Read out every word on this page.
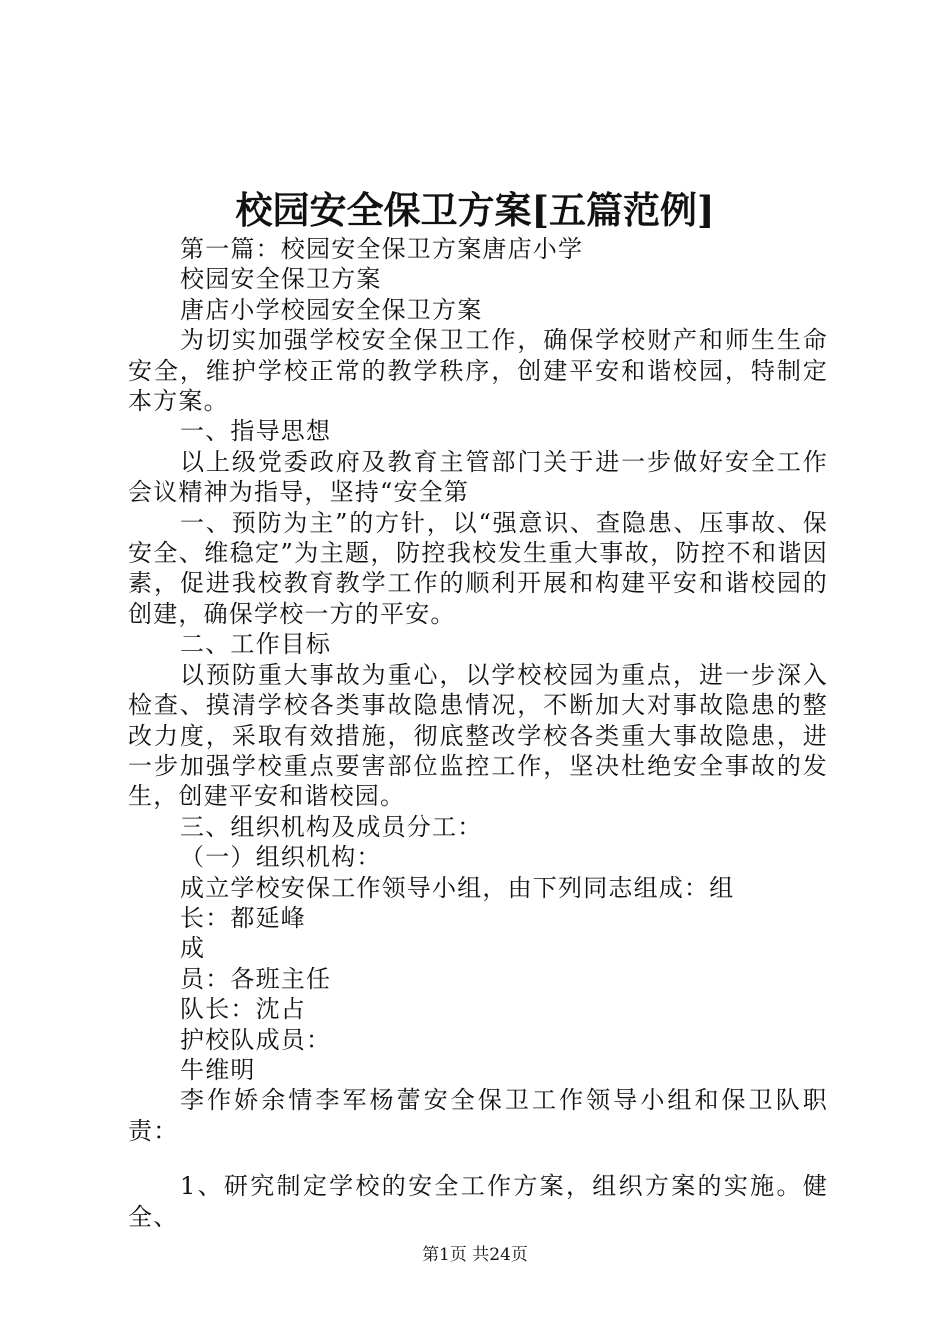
校园安全保卫方案[五篇范例]

第一篇：校园安全保卫方案唐店小学

校园安全保卫方案

唐店小学校园安全保卫方案

为切实加强学校安全保卫工作，确保学校财产和师生生命安全，维护学校正常的教学秩序，创建平安和谐校园，特制定本方案。

一、指导思想

以上级党委政府及教育主管部门关于进一步做好安全工作会议精神为指导，坚持“安全第

一、预防为主”的方针，以“强意识、查隐患、压事故、保安全、维稳定”为主题，防控我校发生重大事故，防控不和谐因素，促进我校教育教学工作的顺利开展和构建平安和谐校园的创建，确保学校一方的平安。

二、工作目标

以预防重大事故为重心，以学校校园为重点，进一步深入检查、摸清学校各类事故隐患情况，不断加大对事故隐患的整改力度，采取有效措施，彻底整改学校各类重大事故隐患，进一步加强学校重点要害部位监控工作，坚决杜绝安全事故的发生，创建平安和谐校园。

三、组织机构及成员分工：

（一）组织机构：

成立学校安保工作领导小组，由下列同志组成：组

长：都延峰

成

员：各班主任

队长：沈占

护校队成员：

牛维明

李作娇余情李军杨蕾安全保卫工作领导小组和保卫队职责：

1、研究制定学校的安全工作方案，组织方案的实施。健全、

第1页 共24页
